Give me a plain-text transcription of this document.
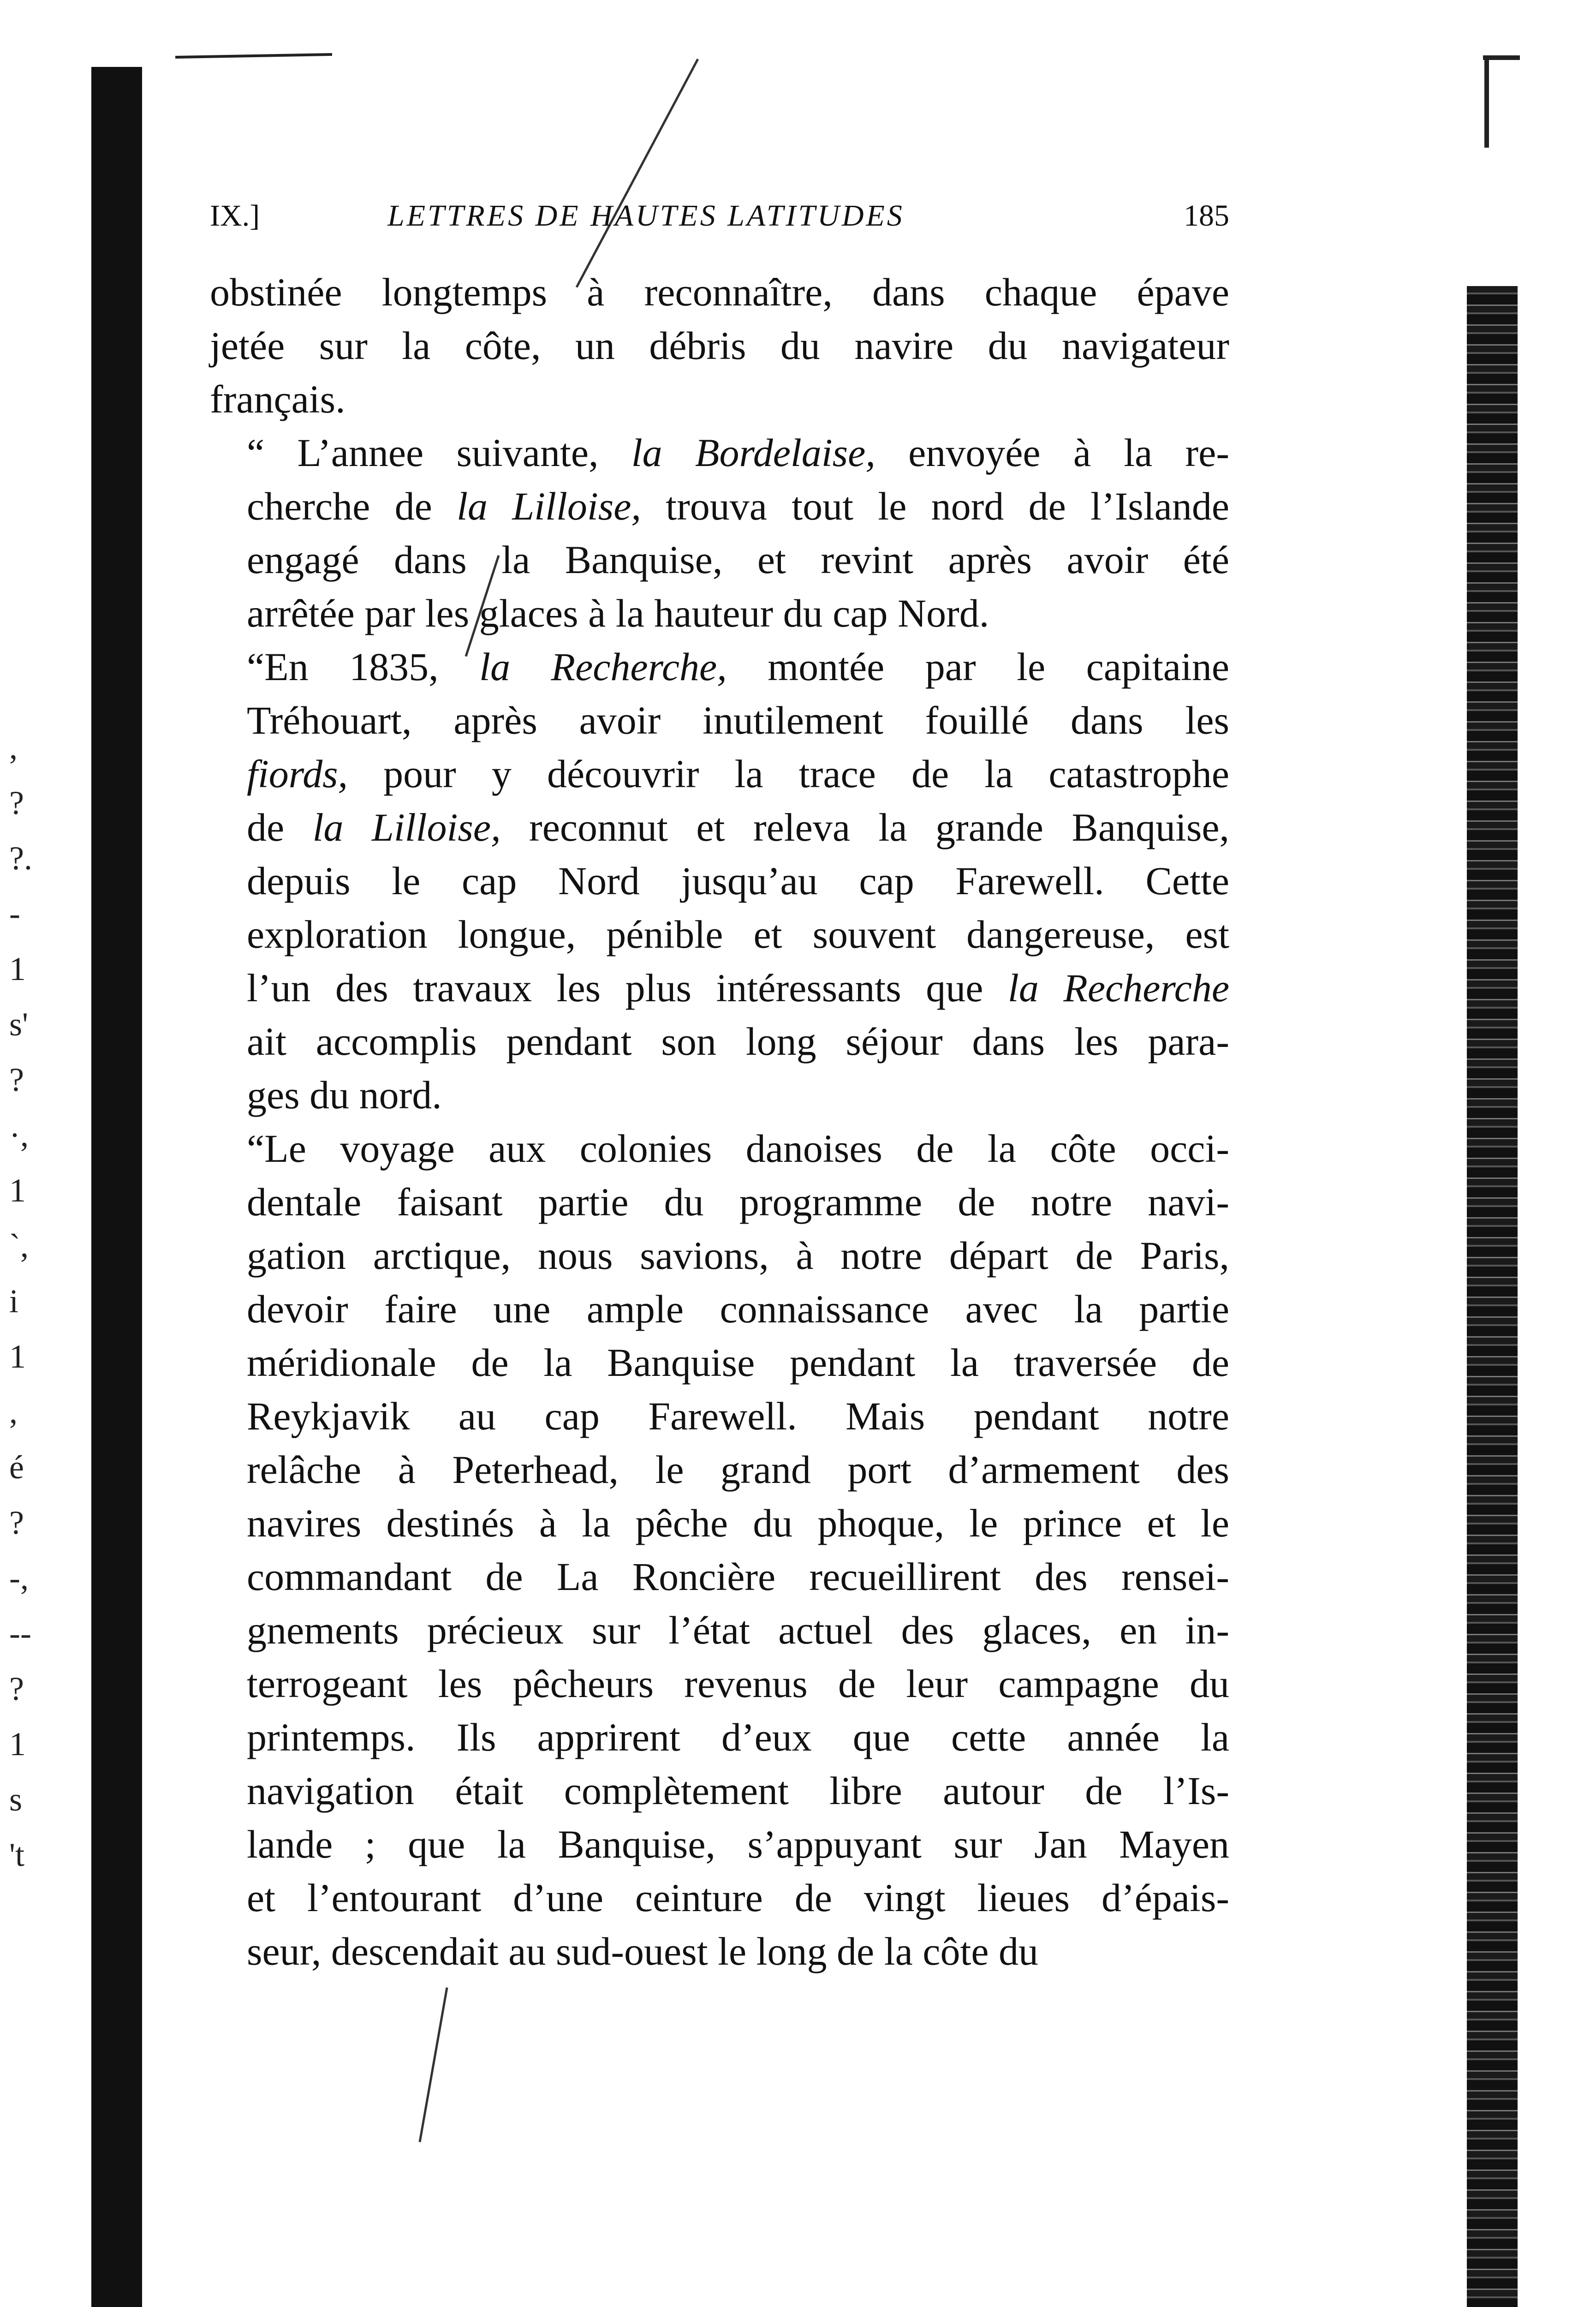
,
?
?.
-
1
s'
?
·,
1
`,
i
1
,
é
?
-,
--
?
1
s
't
IX.]	LETTRES DE HAUTES LATITUDES	185

obstinée longtemps à reconnaître, dans chaque épave
jetée sur la côte, un débris du navire du navigateur
français.

“ L’annee suivante, la Bordelaise, envoyée à la re-
cherche de la Lilloise, trouva tout le nord de l’Islande
engagé dans la Banquise, et revint après avoir été
arrêtée par les glaces à la hauteur du cap Nord.

“En 1835, la Recherche, montée par le capitaine
Tréhouart, après avoir inutilement fouillé dans les
fiords, pour y découvrir la trace de la catastrophe
de la Lilloise, reconnut et releva la grande Banquise,
depuis le cap Nord jusqu’au cap Farewell. Cette
exploration longue, pénible et souvent dangereuse, est
l’un des travaux les plus intéressants que la Recherche
ait accomplis pendant son long séjour dans les para-
ges du nord.

“Le voyage aux colonies danoises de la côte occi-
dentale faisant partie du programme de notre navi-
gation arctique, nous savions, à notre départ de Paris,
devoir faire une ample connaissance avec la partie
méridionale de la Banquise pendant la traversée de
Reykjavik au cap Farewell. Mais pendant notre
relâche à Peterhead, le grand port d’armement des
navires destinés à la pêche du phoque, le prince et le
commandant de La Roncière recueillirent des rensei-
gnements précieux sur l’état actuel des glaces, en in-
terrogeant les pêcheurs revenus de leur campagne du
printemps. Ils apprirent d’eux que cette année la
navigation était complètement libre autour de l’Is-
lande ; que la Banquise, s’appuyant sur Jan Mayen
et l’entourant d’une ceinture de vingt lieues d’épais-
seur, descendait au sud-ouest le long de la côte du
